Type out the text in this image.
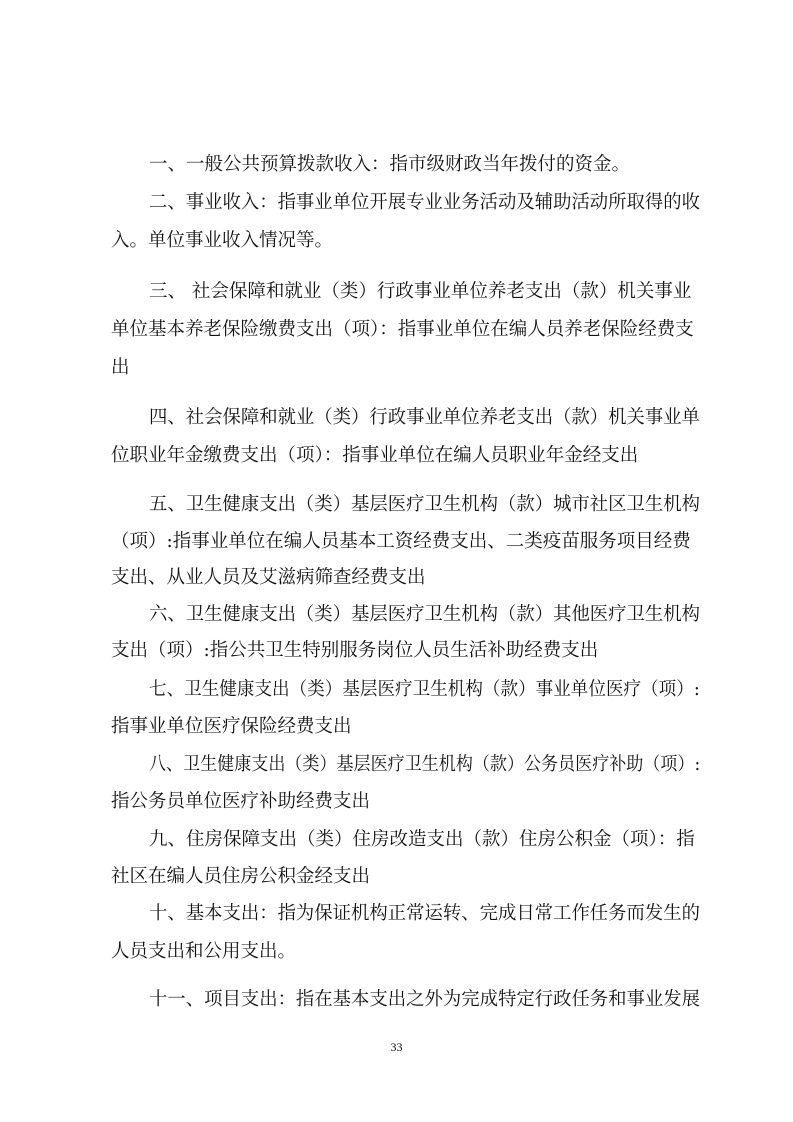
一、一般公共预算拨款收入：指市级财政当年拨付的资金。
二、事业收入：指事业单位开展专业业务活动及辅助活动所取得的收
入。单位事业收入情况等。
三、 社会保障和就业（类）行政事业单位养老支出（款）机关事业
单位基本养老保险缴费支出（项）：指事业单位在编人员养老保险经费支
出
四、社会保障和就业（类）行政事业单位养老支出（款）机关事业单
位职业年金缴费支出（项）：指事业单位在编人员职业年金经支出
五、卫生健康支出（类）基层医疗卫生机构（款）城市社区卫生机构
（项）:指事业单位在编人员基本工资经费支出、二类疫苗服务项目经费
支出、从业人员及艾滋病筛查经费支出
六、卫生健康支出（类）基层医疗卫生机构（款）其他医疗卫生机构
支出（项）:指公共卫生特别服务岗位人员生活补助经费支出
七、卫生健康支出（类）基层医疗卫生机构（款）事业单位医疗（项）:
指事业单位医疗保险经费支出
八、卫生健康支出（类）基层医疗卫生机构（款）公务员医疗补助（项）:
指公务员单位医疗补助经费支出
九、住房保障支出（类）住房改造支出（款）住房公积金（项）：指
社区在编人员住房公积金经支出
十、基本支出：指为保证机构正常运转、完成日常工作任务而发生的
人员支出和公用支出。
十一、项目支出：指在基本支出之外为完成特定行政任务和事业发展
33
